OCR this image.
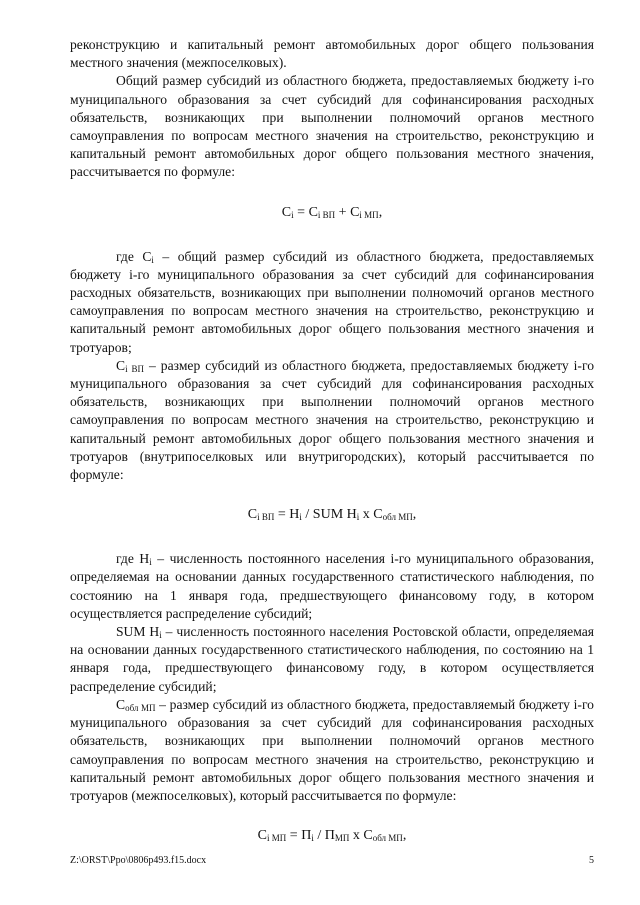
реконструкцию и капитальный ремонт автомобильных дорог общего пользования местного значения (межпоселковых).

Общий размер субсидий из областного бюджета, предоставляемых бюджету i-го муниципального образования за счет субсидий для софинансирования расходных обязательств, возникающих при выполнении полномочий органов местного самоуправления по вопросам местного значения на строительство, реконструкцию и капитальный ремонт автомобильных дорог общего пользования местного значения, рассчитывается по формуле:

$С_i = С_{i ВП} + С_{i МП}$,

где $С_i$ – общий размер субсидий из областного бюджета, предоставляемых бюджету i-го муниципального образования за счет субсидий для софинансирования расходных обязательств, возникающих при выполнении полномочий органов местного самоуправления по вопросам местного значения на строительство, реконструкцию и капитальный ремонт автомобильных дорог общего пользования местного значения и тротуаров;

$С_{i ВП}$ – размер субсидий из областного бюджета, предоставляемых бюджету i-го муниципального образования за счет субсидий для софинансирования расходных обязательств, возникающих при выполнении полномочий органов местного самоуправления по вопросам местного значения на строительство, реконструкцию и капитальный ремонт автомобильных дорог общего пользования местного значения и тротуаров (внутрипоселковых или внутригородских), который рассчитывается по формуле:

$С_{i ВП} = Н_i$ / SUM $Н_i$ х $С_{обл МП}$,

где $Н_i$ – численность постоянного населения i-го муниципального образования, определяемая на основании данных государственного статистического наблюдения, по состоянию на 1 января года, предшествующего финансовому году, в котором осуществляется распределение субсидий;

SUM $Н_i$ – численность постоянного населения Ростовской области, определяемая на основании данных государственного статистического наблюдения, по состоянию на 1 января года, предшествующего финансовому году, в котором осуществляется распределение субсидий;

$С_{обл МП}$ – размер субсидий из областного бюджета, предоставляемый бюджету i-го муниципального образования за счет субсидий для софинансирования расходных обязательств, возникающих при выполнении полномочий органов местного самоуправления по вопросам местного значения на строительство, реконструкцию и капитальный ремонт автомобильных дорог общего пользования местного значения и тротуаров (межпоселковых), который рассчитывается по формуле:

$С_{i МП} = П_i / П_{МП}$ х $С_{обл МП}$,
Z:\ORST\Ppo\0806p493.f15.docx	5
